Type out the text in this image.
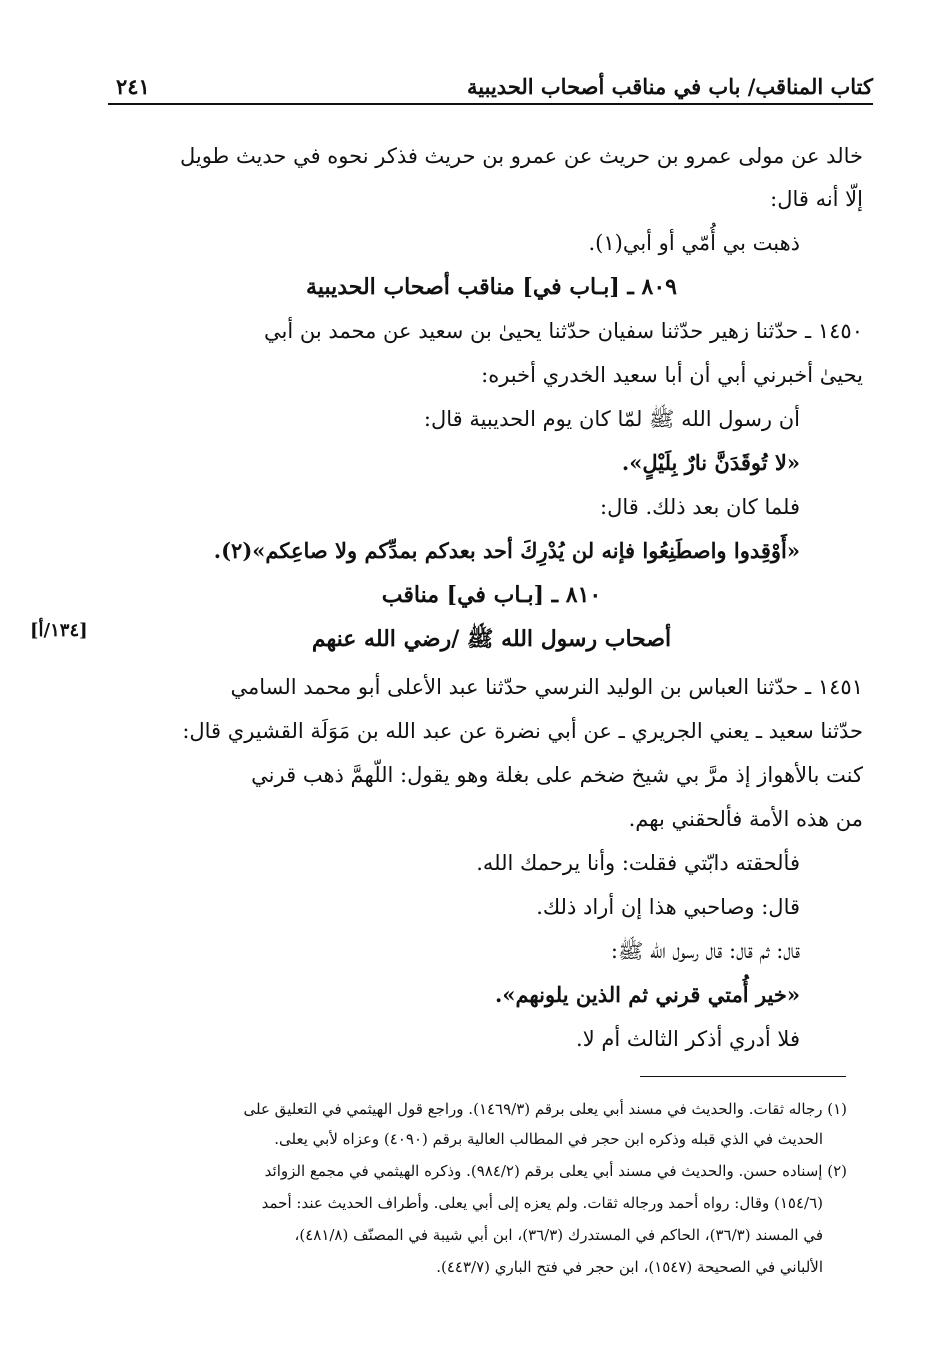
كتاب المناقب/ باب في مناقب أصحاب الحديبية
٢٤١
خالد عن مولى عمرو بن حريث عن عمرو بن حريث فذكر نحوه في حديث طويل
إلّا أنه قال:
ذهبت بي أُمّي أو أبي(١).
٨٠٩ ـ [بـاب في] مناقب أصحاب الحديبية
١٤٥٠ ـ حدّثنا زهير حدّثنا سفيان حدّثنا يحيىٰ بن سعيد عن محمد بن أبي
يحيىٰ أخبرني أبي أن أبا سعيد الخدري أخبره:
أن رسول الله ﷺ لمّا كان يوم الحديبية قال:
«لا تُوقَدَنَّ نارٌ بِلَيْلٍ».
فلما كان بعد ذلك. قال:
«أَوْقِدوا واصطَنِعُوا فإنه لن يُدْرِكَ أحد بعدكم بمدِّكم ولا صاعِكم»(٢).
٨١٠ ـ [بـاب في] مناقب
أصحاب رسول الله ﷺ /رضي الله عنهم
[١٣٤/أ]
١٤٥١ ـ حدّثنا العباس بن الوليد النرسي حدّثنا عبد الأعلى أبو محمد السامي
حدّثنا سعيد ـ يعني الجريري ـ عن أبي نضرة عن عبد الله بن مَوَلَة القشيري قال:
كنت بالأهواز إذ مرَّ بي شيخ ضخم على بغلة وهو يقول: اللّهمَّ ذهب قرني
من هذه الأمة فألحقني بهم.
فألحقته دابّتي فقلت: وأنا يرحمك الله.
قال: وصاحبي هذا إن أراد ذلك.
قال: ثم قال: قال رسول الله ﷺ:
«خير أُمتي قرني ثم الذين يلونهم».
فلا أدري أذكر الثالث أم لا.
(١) رجاله ثقات. والحديث في مسند أبي يعلى برقم (١٤٦٩/٣). وراجع قول الهيثمي في التعليق على
الحديث في الذي قبله وذكره ابن حجر في المطالب العالية برقم (٤٠٩٠) وعزاه لأبي يعلى.
(٢) إسناده حسن. والحديث في مسند أبي يعلى برقم (٩٨٤/٢). وذكره الهيثمي في مجمع الزوائد
(١٥٤/٦) وقال: رواه أحمد ورجاله ثقات. ولم يعزه إلى أبي يعلى. وأطراف الحديث عند: أحمد
في المسند (٣٦/٣)، الحاكم في المستدرك (٣٦/٣)، ابن أبي شيبة في المصنّف (٤٨١/٨)،
الألباني في الصحيحة (١٥٤٧)، ابن حجر في فتح الباري (٤٤٣/٧).
